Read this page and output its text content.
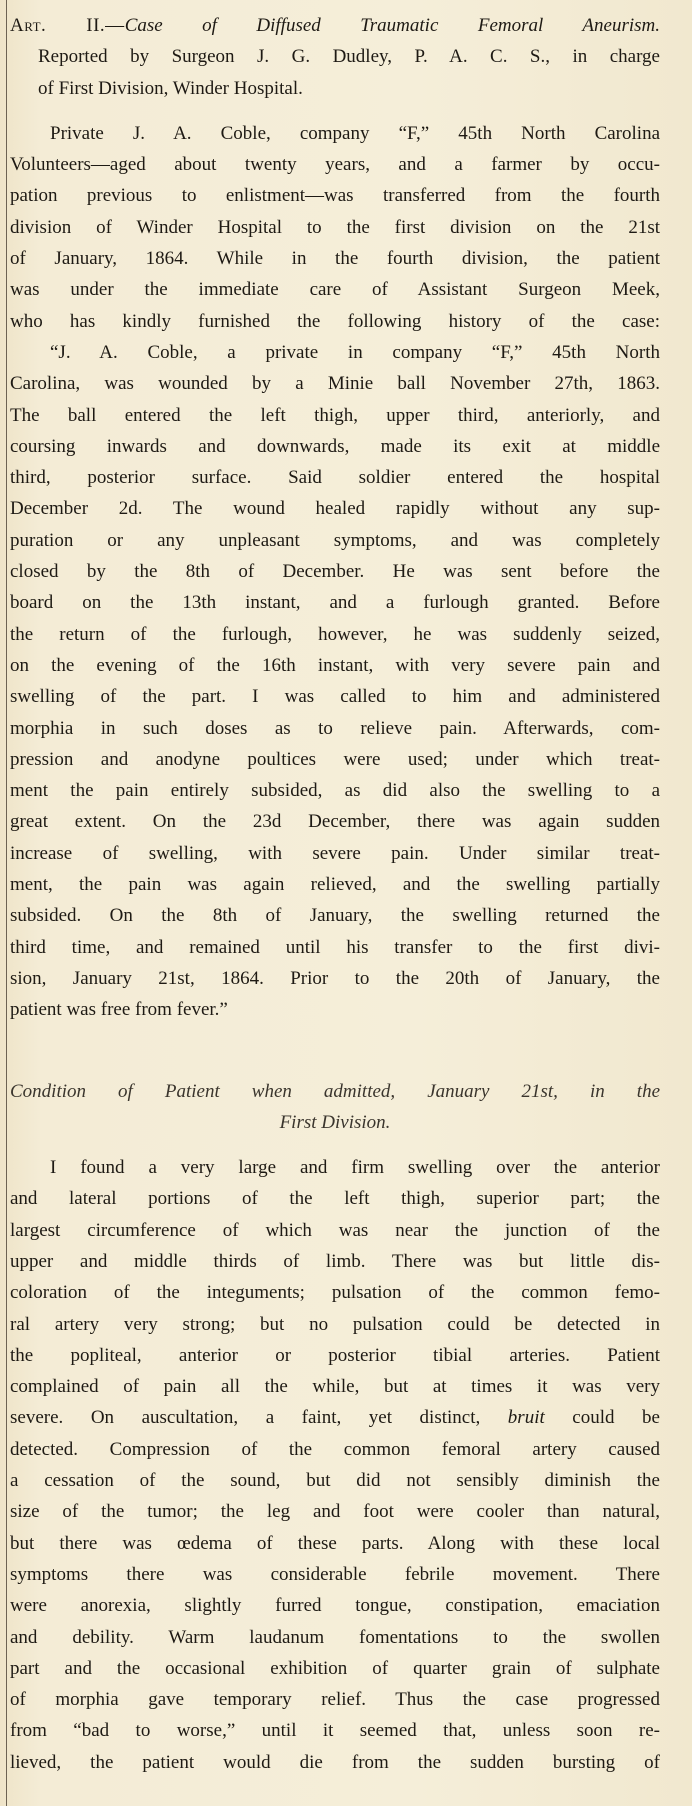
Art. II.—Case of Diffused Traumatic Femoral Aneurism.
Reported by Surgeon J. G. Dudley, P. A. C. S., in charge
of First Division, Winder Hospital.
Private J. A. Coble, company “F,” 45th North Carolina
Volunteers—aged about twenty years, and a farmer by occu-
pation previous to enlistment—was transferred from the fourth
division of Winder Hospital to the first division on the 21st
of January, 1864. While in the fourth division, the patient
was under the immediate care of Assistant Surgeon Meek,
who has kindly furnished the following history of the case:
“J. A. Coble, a private in company “F,” 45th North
Carolina, was wounded by a Minie ball November 27th, 1863.
The ball entered the left thigh, upper third, anteriorly, and
coursing inwards and downwards, made its exit at middle
third, posterior surface. Said soldier entered the hospital
December 2d. The wound healed rapidly without any sup-
puration or any unpleasant symptoms, and was completely
closed by the 8th of December. He was sent before the
board on the 13th instant, and a furlough granted. Before
the return of the furlough, however, he was suddenly seized,
on the evening of the 16th instant, with very severe pain and
swelling of the part. I was called to him and administered
morphia in such doses as to relieve pain. Afterwards, com-
pression and anodyne poultices were used; under which treat-
ment the pain entirely subsided, as did also the swelling to a
great extent. On the 23d December, there was again sudden
increase of swelling, with severe pain. Under similar treat-
ment, the pain was again relieved, and the swelling partially
subsided. On the 8th of January, the swelling returned the
third time, and remained until his transfer to the first divi-
sion, January 21st, 1864. Prior to the 20th of January, the
patient was free from fever.”
Condition of Patient when admitted, January 21st, in the
First Division.
I found a very large and firm swelling over the anterior
and lateral portions of the left thigh, superior part; the
largest circumference of which was near the junction of the
upper and middle thirds of limb. There was but little dis-
coloration of the integuments; pulsation of the common femo-
ral artery very strong; but no pulsation could be detected in
the popliteal, anterior or posterior tibial arteries. Patient
complained of pain all the while, but at times it was very
severe. On auscultation, a faint, yet distinct, bruit could be
detected. Compression of the common femoral artery caused
a cessation of the sound, but did not sensibly diminish the
size of the tumor; the leg and foot were cooler than natural,
but there was œdema of these parts. Along with these local
symptoms there was considerable febrile movement. There
were anorexia, slightly furred tongue, constipation, emaciation
and debility. Warm laudanum fomentations to the swollen
part and the occasional exhibition of quarter grain of sulphate
of morphia gave temporary relief. Thus the case progressed
from “bad to worse,” until it seemed that, unless soon re-
lieved, the patient would die from the sudden bursting of
